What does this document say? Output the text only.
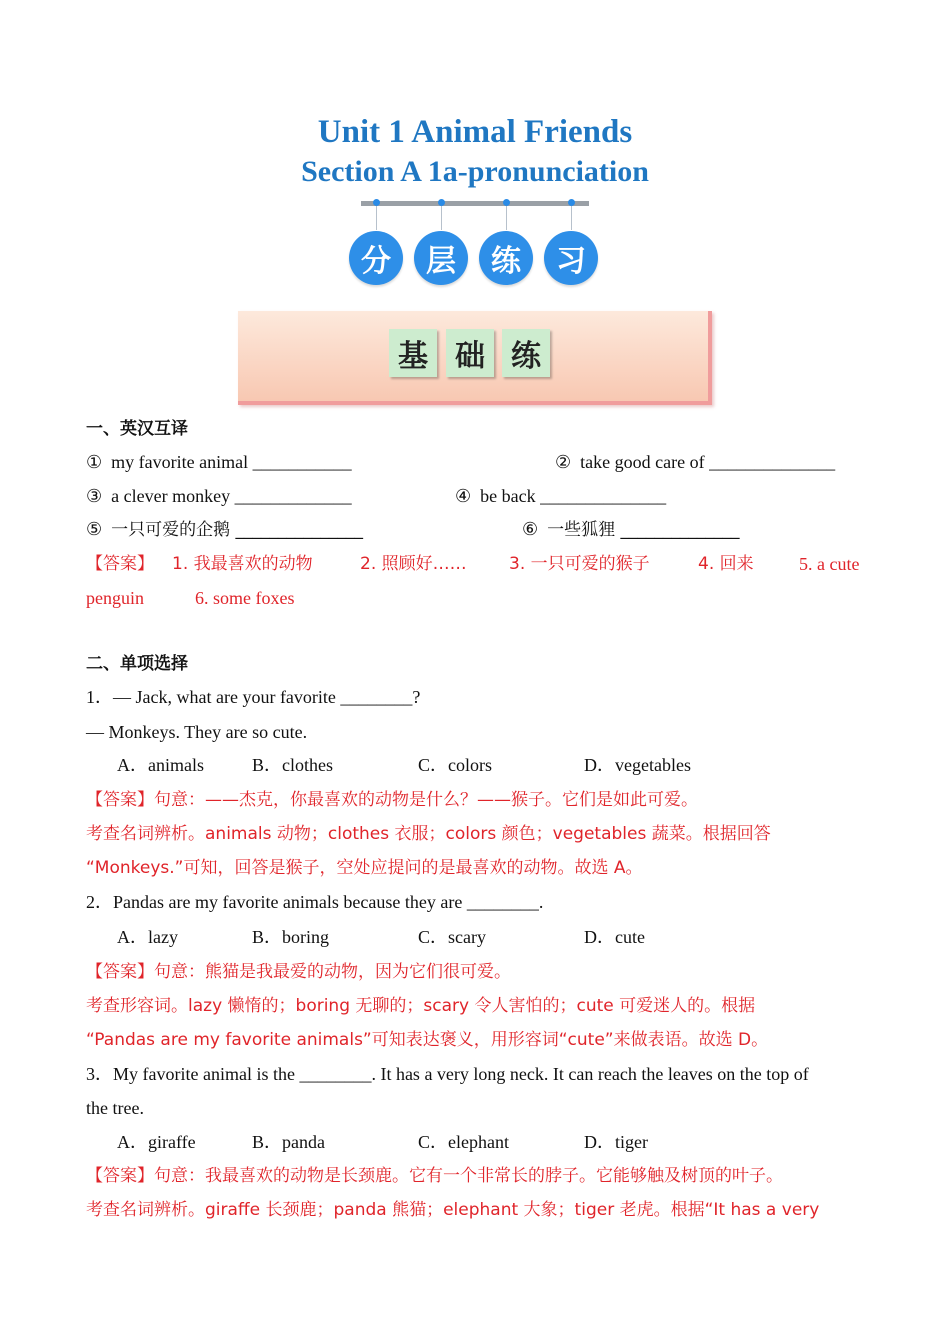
Unit 1 Animal Friends
Section A 1a-pronunciation
分	层	练	习
基 础 练
一、英汉互译
① my favorite animal ___________	② take good care of ______________
③ a clever monkey _____________	④ be back ______________
⑤ 一只可爱的企鹅 _______________	⑥ 一些狐狸 ______________
【答案】 1. 我最喜欢的动物	2. 照顾好…… 3. 一只可爱的猴子	4. 回来	5. a cute
penguin	6. some foxes
二、单项选择
1．— Jack, what are your favorite ________?
— Monkeys. They are so cute.
A．animals	B．clothes	C．colors	D．vegetables
【答案】句意：——杰克，你最喜欢的动物是什么？——猴子。它们是如此可爱。
考查名词辨析。animals 动物；clothes 衣服；colors 颜色；vegetables 蔬菜。根据回答
“Monkeys.”可知，回答是猴子，空处应提问的是最喜欢的动物。故选 A。
2．Pandas are my favorite animals because they are ________.
A．lazy	B．boring	C．scary	D．cute
【答案】句意：熊猫是我最爱的动物，因为它们很可爱。
考查形容词。lazy 懒惰的；boring 无聊的；scary 令人害怕的；cute 可爱迷人的。根据
“Pandas are my favorite animals”可知表达褒义，用形容词“cute”来做表语。故选 D。
3．My favorite animal is the ________. It has a very long neck. It can reach the leaves on the top of
the tree.
A．giraffe	B．panda	C．elephant	D．tiger
【答案】句意：我最喜欢的动物是长颈鹿。它有一个非常长的脖子。它能够触及树顶的叶子。
考查名词辨析。giraffe 长颈鹿；panda 熊猫；elephant 大象；tiger 老虎。根据“It has a very
